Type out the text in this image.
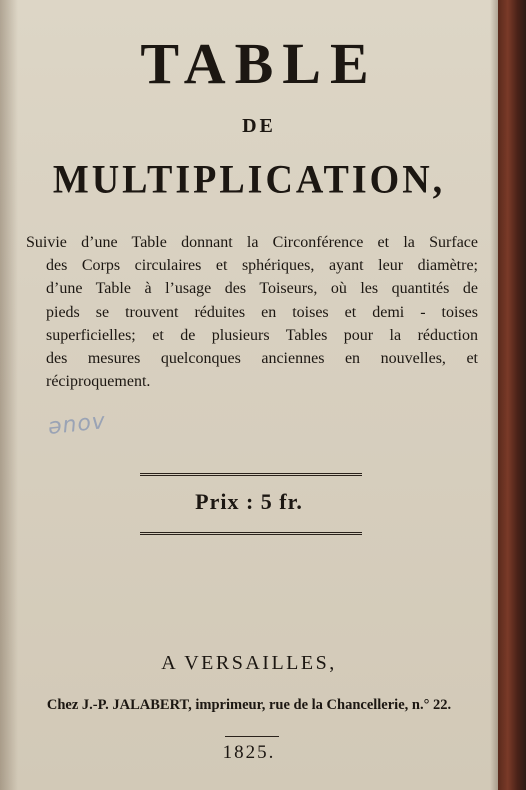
TABLE
DE
MULTIPLICATION,
Suivie d’une Table donnant la Circonférence et la Surface
des Corps circulaires et sphériques, ayant leur diamètre;
d’une Table à l’usage des Toiseurs, où les quantités de
pieds se trouvent réduites en toises et demi - toises
superficielles; et de plusieurs Tables pour la réduction
des mesures quelconques anciennes en nouvelles, et
réciproquement.
ǝnov
Prix : 5 fr.
A VERSAILLES,
Chez J.-P. JALABERT, imprimeur, rue de la Chancellerie, n.° 22.
1825.
